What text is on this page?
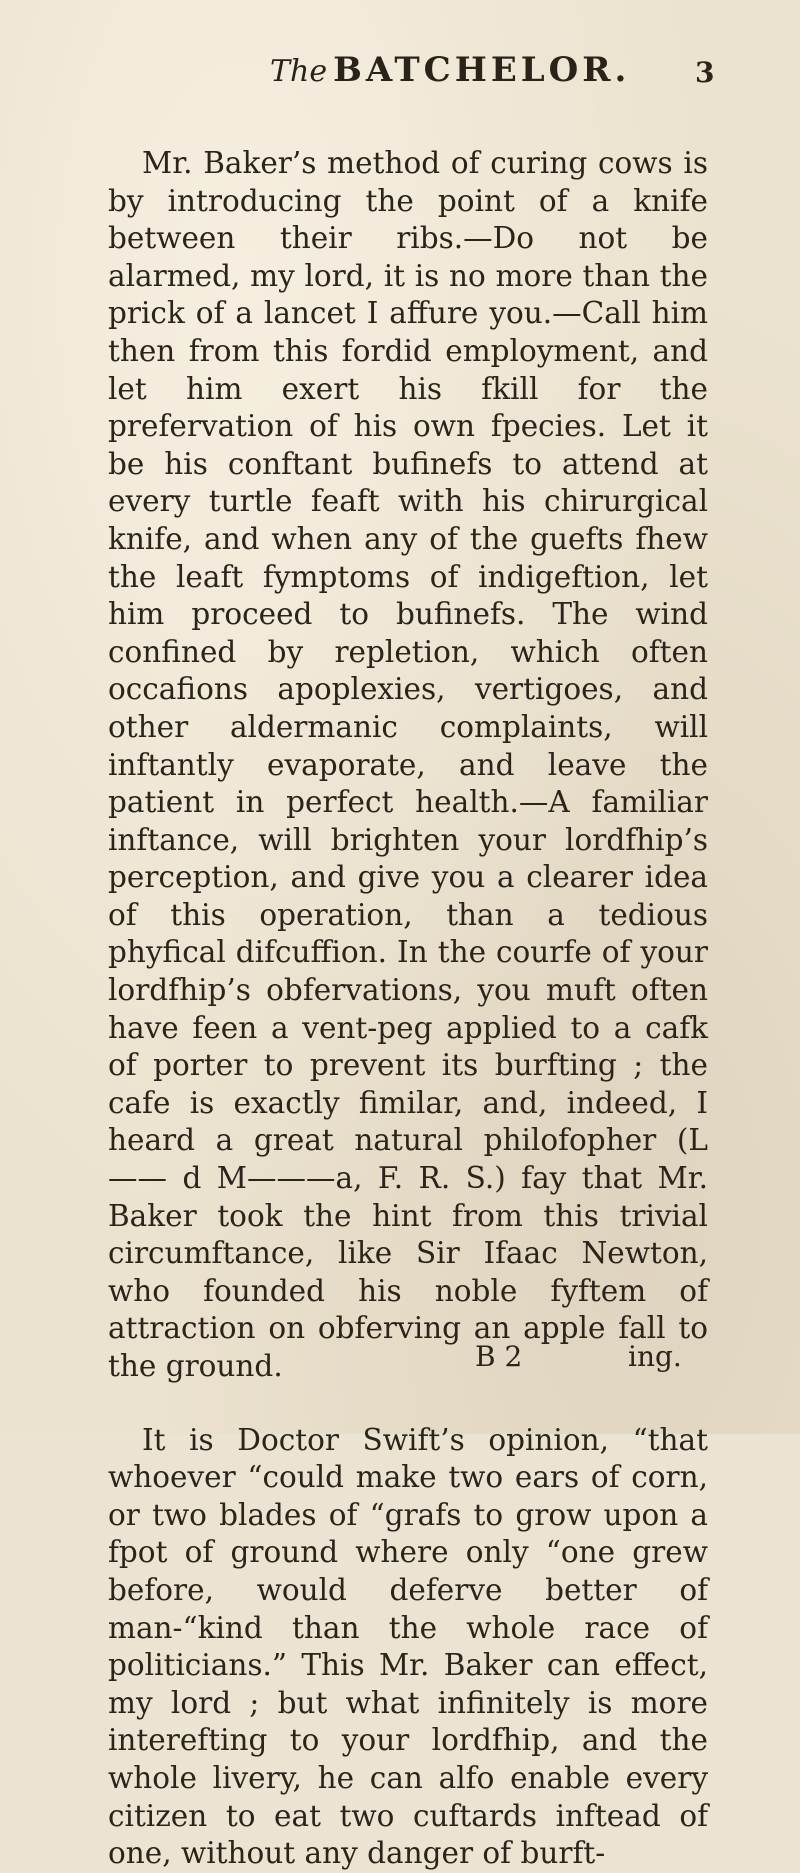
The BATCHELOR. 3

Mr. Baker’s method of curing cows is by introducing the point of a knife between their ribs.—Do not be alarmed, my lord, it is no more than the prick of a lancet I affure you.—Call him then from this fordid employment, and let him exert his fkill for the prefervation of his own fpecies. Let it be his conftant bufinefs to attend at every turtle feaft with his chirurgical knife, and when any of the guefts fhew the leaft fymptoms of indigeftion, let him proceed to bufinefs. The wind confined by repletion, which often occafions apoplexies, vertigoes, and other aldermanic complaints, will inftantly evaporate, and leave the patient in perfect health.—A familiar inftance, will brighten your lordfhip’s perception, and give you a clearer idea of this operation, than a tedious phyfical difcuffion. In the courfe of your lordfhip’s obfervations, you muft often have feen a vent-peg applied to a cafk of porter to prevent its burfting ; the cafe is exactly fimilar, and, indeed, I heard a great natural philofopher (L —— d M———a, F. R. S.) fay that Mr. Baker took the hint from this trivial circumftance, like Sir Ifaac Newton, who founded his noble fyftem of attraction on obferving an apple fall to the ground.

It is Doctor Swift’s opinion, “that whoever “could make two ears of corn, or two blades of “grafs to grow upon a fpot of ground where only “one grew before, would deferve better of man-“kind than the whole race of politicians.” This Mr. Baker can effect, my lord ; but what infinitely is more interefting to your lordfhip, and the whole livery, he can alfo enable every citizen to eat two cuftards inftead of one, without any danger of burft-

B 2	ing.
